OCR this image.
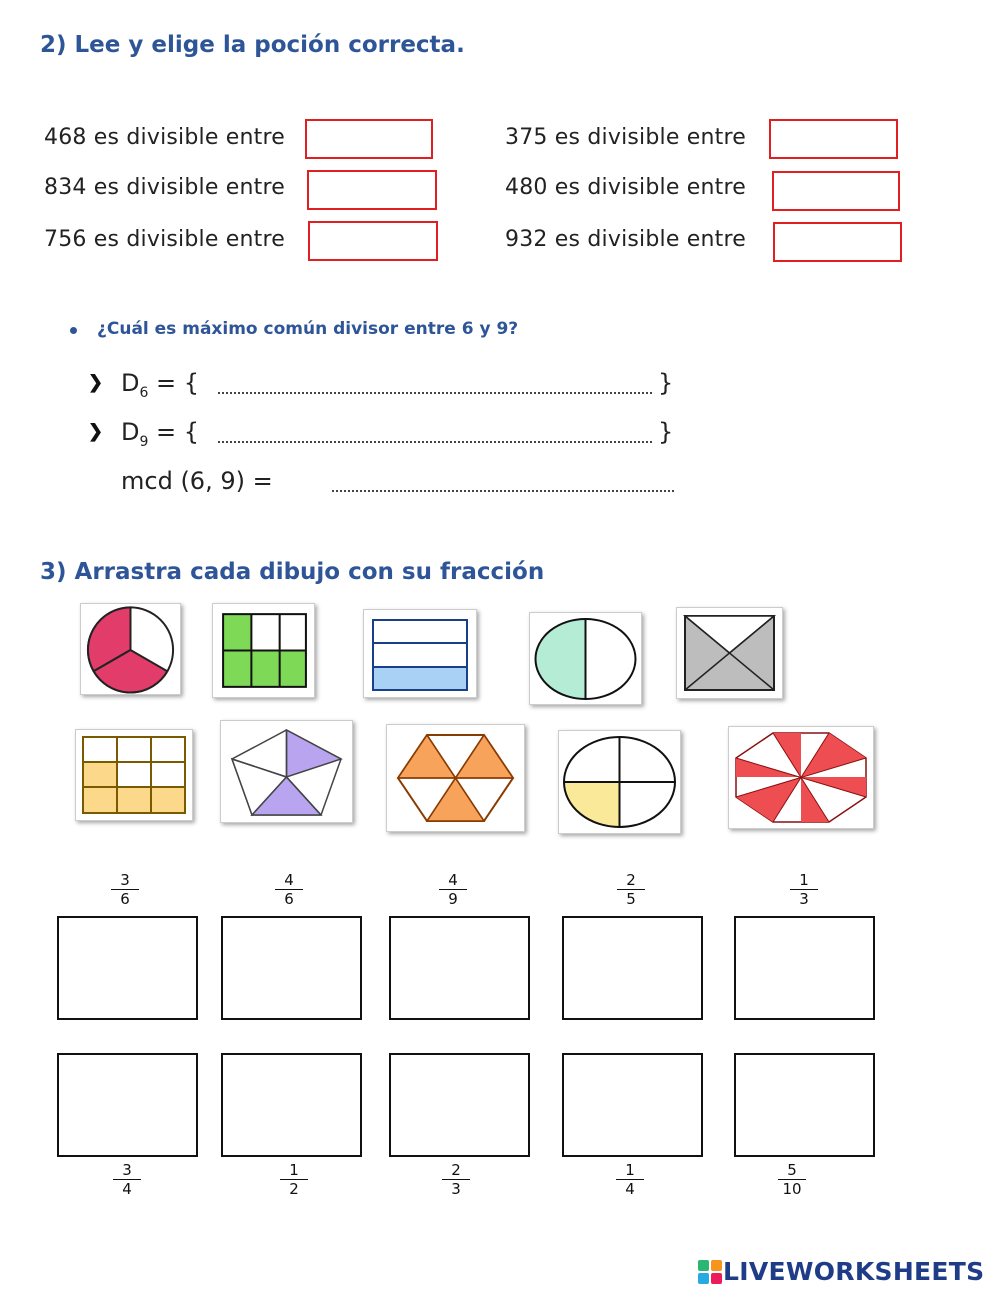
2) Lee y elige la poción correcta.
468 es divisible entre
834 es divisible entre
756 es divisible entre
375 es divisible entre
480 es divisible entre
932 es divisible entre
¿Cuál es máximo común divisor entre 6 y 9?
❯ $D_6$ = {	}
❯ $D_9$ = {	}
mcd (6, 9) =
3) Arrastra cada dibujo con su fracción
3
6
4
6
4
9
2
5
1
3
3
4
1
2
2
3
1
4
5
10
LIVEWORKSHEETS
